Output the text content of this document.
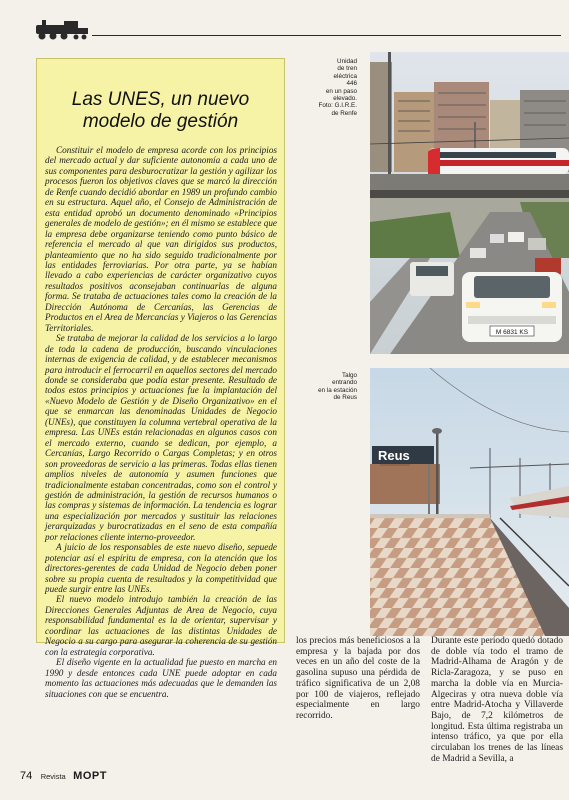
Las UNES, un nuevo
modelo de gestión

Constituir el modelo de empresa acorde con los principios del mercado actual y dar suficiente autonomía a cada uno de sus componentes para desburocratizar la gestión y agilizar los procesos fueron los objetivos claves que se marcó la dirección de Renfe cuando decidió abordar en 1989 un profundo cambio en su estructura. Aquel año, el Consejo de Administración de esta entidad aprobó un documento denominado «Principios generales de modelo de gestión»; en él mismo se establece que la empresa debe organizarse teniendo como punto básico de referencia el mercado al que van dirigidos sus productos, planteamiento que no ha sido seguido tradicionalmente por las entidades ferroviarias. Por otra parte, ya se habían llevado a cabo experiencias de carácter organizativo cuyos resultados positivos aconsejaban continuarlas de alguna forma. Se trataba de actuaciones tales como la creación de la Dirección Autónoma de Cercanías, las Gerencias de Productos en el Area de Mercancías y Viajeros o las Gerencias Territoriales.

Se trataba de mejorar la calidad de los servicios a lo largo de toda la cadena de producción, buscando vinculaciones internas de exigencia de calidad, y de establecer mecanismos para introducir el ferrocarril en aquellos sectores del mercado donde se consideraba que podía estar presente. Resultado de todos estos principios y actuaciones fue la implantación del «Nuevo Modelo de Gestión y de Diseño Organizativo» en el que se enmarcan las denominadas Unidades de Negocio (UNEs), que constituyen la columna vertebral operativa de la empresa. Las UNEs están relacionadas en algunos casos con el mercado externo, cuando se dedican, por ejemplo, a Cercanías, Largo Recorrido o Cargas Completas; y en otros son proveedoras de servicio a las primeras. Todas ellas tienen amplios niveles de autonomía y asumen funciones que tradicionalmente estaban concentradas, como son el control y gestión de administración, la gestión de recursos humanos o las compras y sistemas de información. La tendencia es lograr una especialización por mercados y sustituir las relaciones jerarquizadas y burocratizadas en el seno de esta compañía por relaciones cliente interno-proveedor.

A juicio de los responsables de este nuevo diseño, sepuede potenciar así el espíritu de empresa, con la atención que los directores-gerentes de cada Unidad de Negocio deben poner sobre su propia cuenta de resultados y la competitividad que puede surgir entre las UNEs.

El nuevo modelo introdujo también la creación de las Direcciones Generales Adjuntas de Area de Negocio, cuya responsabilidad fundamental es la de orientar, supervisar y coordinar las actuaciones de las distintas Unidades de Negocio a su cargo para asegurar la coherencia de su gestión con la estrategia corporativa.

El diseño vigente en la actualidad fue puesto en marcha en 1990 y desde entonces cada UNE puede adoptar en cada momento las actuaciones más adecuadas que le demanden las situaciones con que se encuentra.

M 6831 KS
Unidad
de tren
eléctrica
446
en un paso
elevado.
Foto: G.I.R.E.
de Renfe
Reus
Talgo
entrando
en la estación
de Reus

los precios más beneficiosos a la empresa y la bajada por dos veces en un año del coste de la gasolina supuso una pérdida de tráfico significativa de un 2,08 por 100 de viajeros, reflejado especialmente en largo recorrido.

Durante este período quedó dotado de doble vía todo el tramo de Madrid-Alhama de Aragón y de Ricla-Zaragoza, y se puso en marcha la doble vía en Murcia-Algeciras y otra nueva doble vía entre Madrid-Atocha y Villaverde Bajo, de 7,2 kilómetros de longitud. Esta última registraba un intenso tráfico, ya que por ella circulaban los trenes de las líneas de Madrid a Sevilla, a

74 Revista MOPT
